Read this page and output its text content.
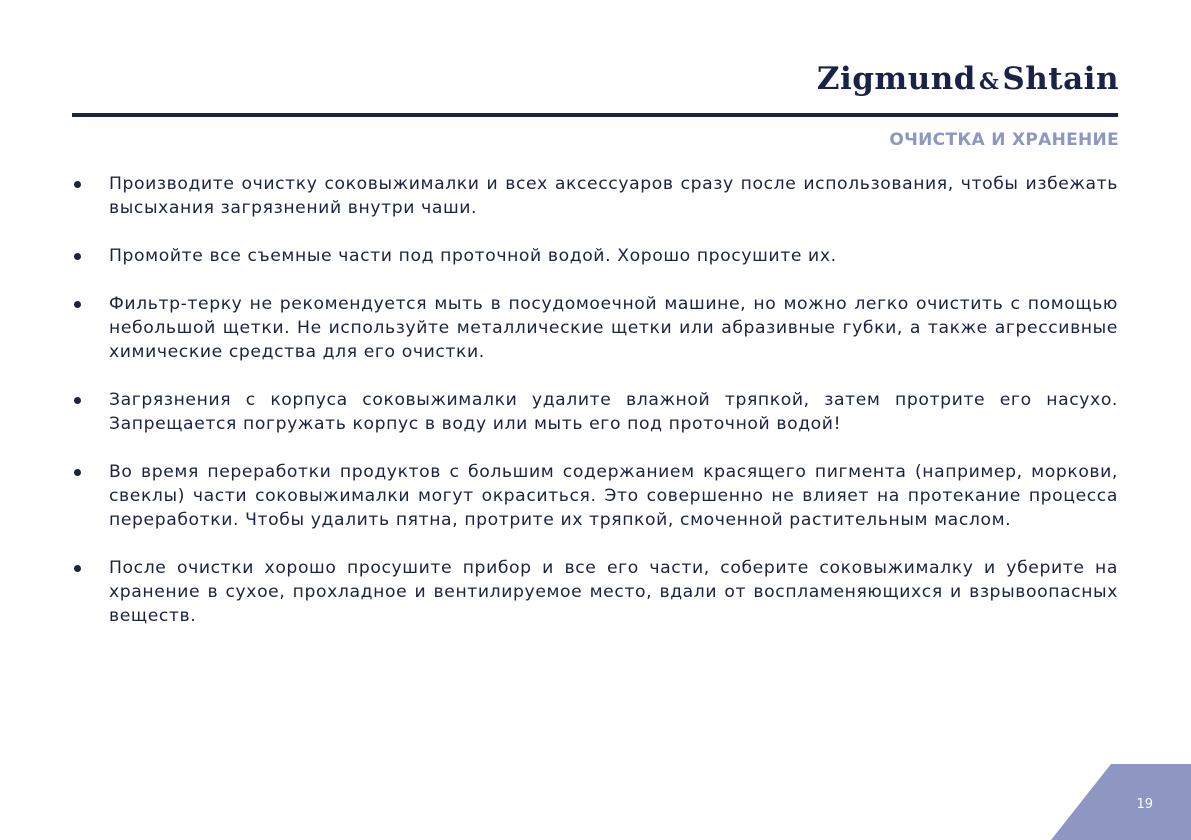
Zigmund &Shtain
ОЧИСТКА И ХРАНЕНИЕ
Производите очистку соковыжималки и всех аксессуаров сразу после использования, чтобы избежать высыхания загрязнений внутри чаши.
Промойте все съемные части под проточной водой. Хорошо просушите их.
Фильтр-терку не рекомендуется мыть в посудомоечной машине, но можно легко очистить с помощью небольшой щетки. Не используйте металлические щетки или абразивные губки, а также агрессивные химические средства для его очистки.
Загрязнения с корпуса соковыжималки удалите влажной тряпкой, затем протрите его насухо. Запрещается погружать корпус в воду или мыть его под проточной водой!
Во время переработки продуктов с большим содержанием красящего пигмента (например, моркови, свеклы) части соковыжималки могут окраситься. Это совершенно не влияет на протекание процесса переработки. Чтобы удалить пятна, протрите их тряпкой, смоченной растительным маслом.
После очистки хорошо просушите прибор и все его части, соберите соковыжималку и уберите на хранение в сухое, прохладное и вентилируемое место, вдали от воспламеняющихся и взрывоопасных веществ.
19
